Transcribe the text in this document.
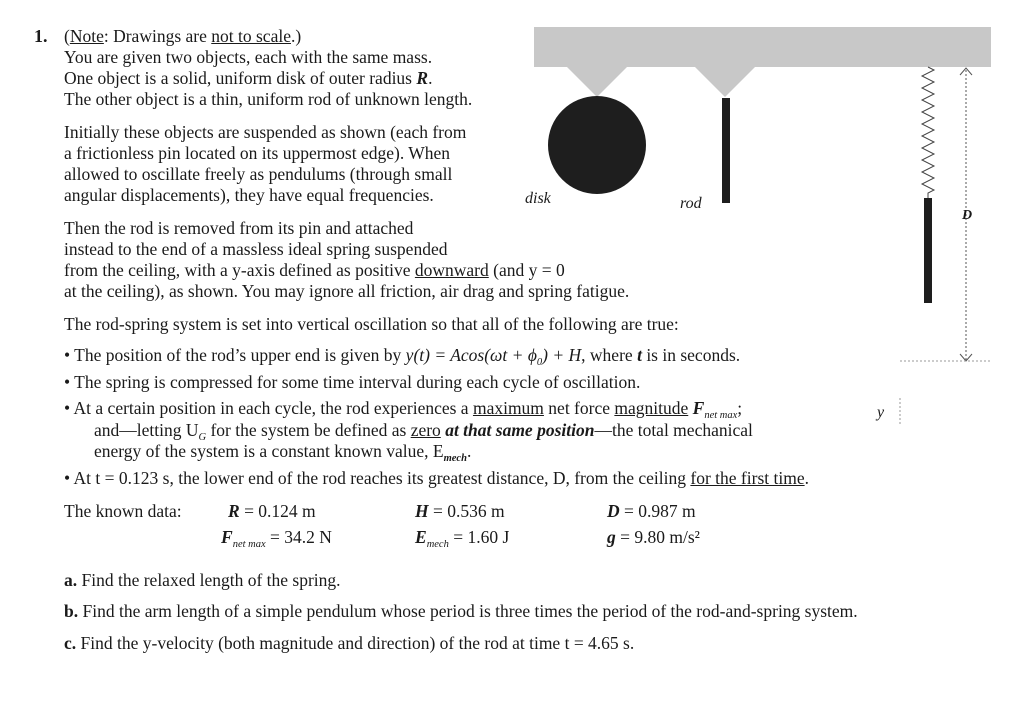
1. (Note: Drawings are not to scale.)
You are given two objects, each with the same mass.
One object is a solid, uniform disk of outer radius R.
The other object is a thin, uniform rod of unknown length.
Initially these objects are suspended as shown (each from
a frictionless pin located on its uppermost edge). When
allowed to oscillate freely as pendulums (through small
angular displacements), they have equal frequencies.
Then the rod is removed from its pin and attached
instead to the end of a massless ideal spring suspended
from the ceiling, with a y-axis defined as positive downward (and y = 0
at the ceiling), as shown. You may ignore all friction, air drag and spring fatigue.
The rod-spring system is set into vertical oscillation so that all of the following are true:
• The position of the rod’s upper end is given by $y(t) = Acos(\omega t + \phi_0) + H$, where t is in seconds.
• The spring is compressed for some time interval during each cycle of oscillation.
• At a certain position in each cycle, the rod experiences a maximum net force magnitude $F_{net max}$;
and—letting $U_G$ for the system be defined as zero at that same position—the total mechanical
energy of the system is a constant known value, $E_{mech}$.
• At t = 0.123 s, the lower end of the rod reaches its greatest distance, D, from the ceiling for the first time.
The known data:	R = 0.124 m	H = 0.536 m	D = 0.987 m
$F_{net max} = 34.2$ N	$E_{mech} = 1.60$ J	g = 9.80 m/s²
a. Find the relaxed length of the spring.
b. Find the arm length of a simple pendulum whose period is three times the period of the rod-and-spring system.
c. Find the y-velocity (both magnitude and direction) of the rod at time t = 4.65 s.
disk	rod
D
y
